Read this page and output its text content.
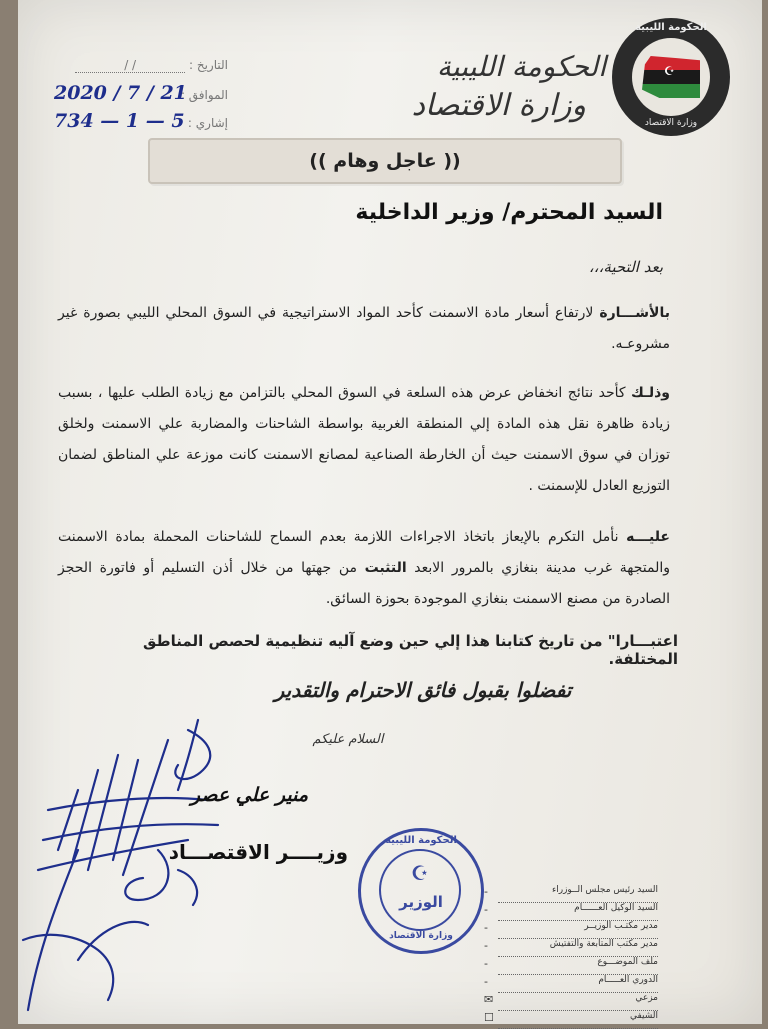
الحكومة الليبية
☪
وزارة الاقتصاد
الحكومة الليبية
وزارة الاقتصاد
التاريخ : / /
الموافق :
2020 / 7 / 21
إشاري :
734 — 1 — 5
(( عاجل وهام ))
السيد المحترم/ وزير الداخلية
بعد التحية،،،
بالأشـــارة لارتفاع أسعار مادة الاسمنت كأحد المواد الاستراتيجية في السوق المحلي الليبي بصورة غير مشروعـه.
وذلـك كأحد نتائج انخفاض عرض هذه السلعة في السوق المحلي بالتزامن مع زيادة الطلب عليها ، بسبب زيادة ظاهرة نقل هذه المادة إلي المنطقة الغربية بواسطة الشاحنات والمضاربة علي الاسمنت ولخلق توزان في سوق الاسمنت حيث أن الخارطة الصناعية لمصانع الاسمنت كانت موزعة علي المناطق لضمان التوزيع العادل للإسمنت .
عليـــه نأمل التكرم بالإيعاز باتخاذ الاجراءات اللازمة بعدم السماح للشاحنات المحملة بمادة الاسمنت والمتجهة غرب مدينة بنغازي بالمرور الابعد التثبت من جهتها من خلال أذن التسليم أو فاتورة الحجز الصادرة من مصنع الاسمنت بنغازي الموجودة بحوزة السائق.
اعتبـــارا" من تاريخ كتابنا هذا إلي حين وضع آليه تنظيمية لحصص المناطق المختلفة.
تفضلوا بقبول فائق الاحترام والتقدير
السلام عليكم
منير علي عصر
وزيــــر الاقتصـــاد	الحكومة الليبية
☪
الوزير
وزارة الاقتصاد
-	السيد رئيس مجلس الــوزراء
-	السيد الوكيل العــــــام
-	مدير مكتـب الوزيــر
-	مدير مكتب المتابعة والتفتيش
-	ملف الموضـــوع
-	الدوري العـــــام
✉	مزعي
☐	الشيفي
